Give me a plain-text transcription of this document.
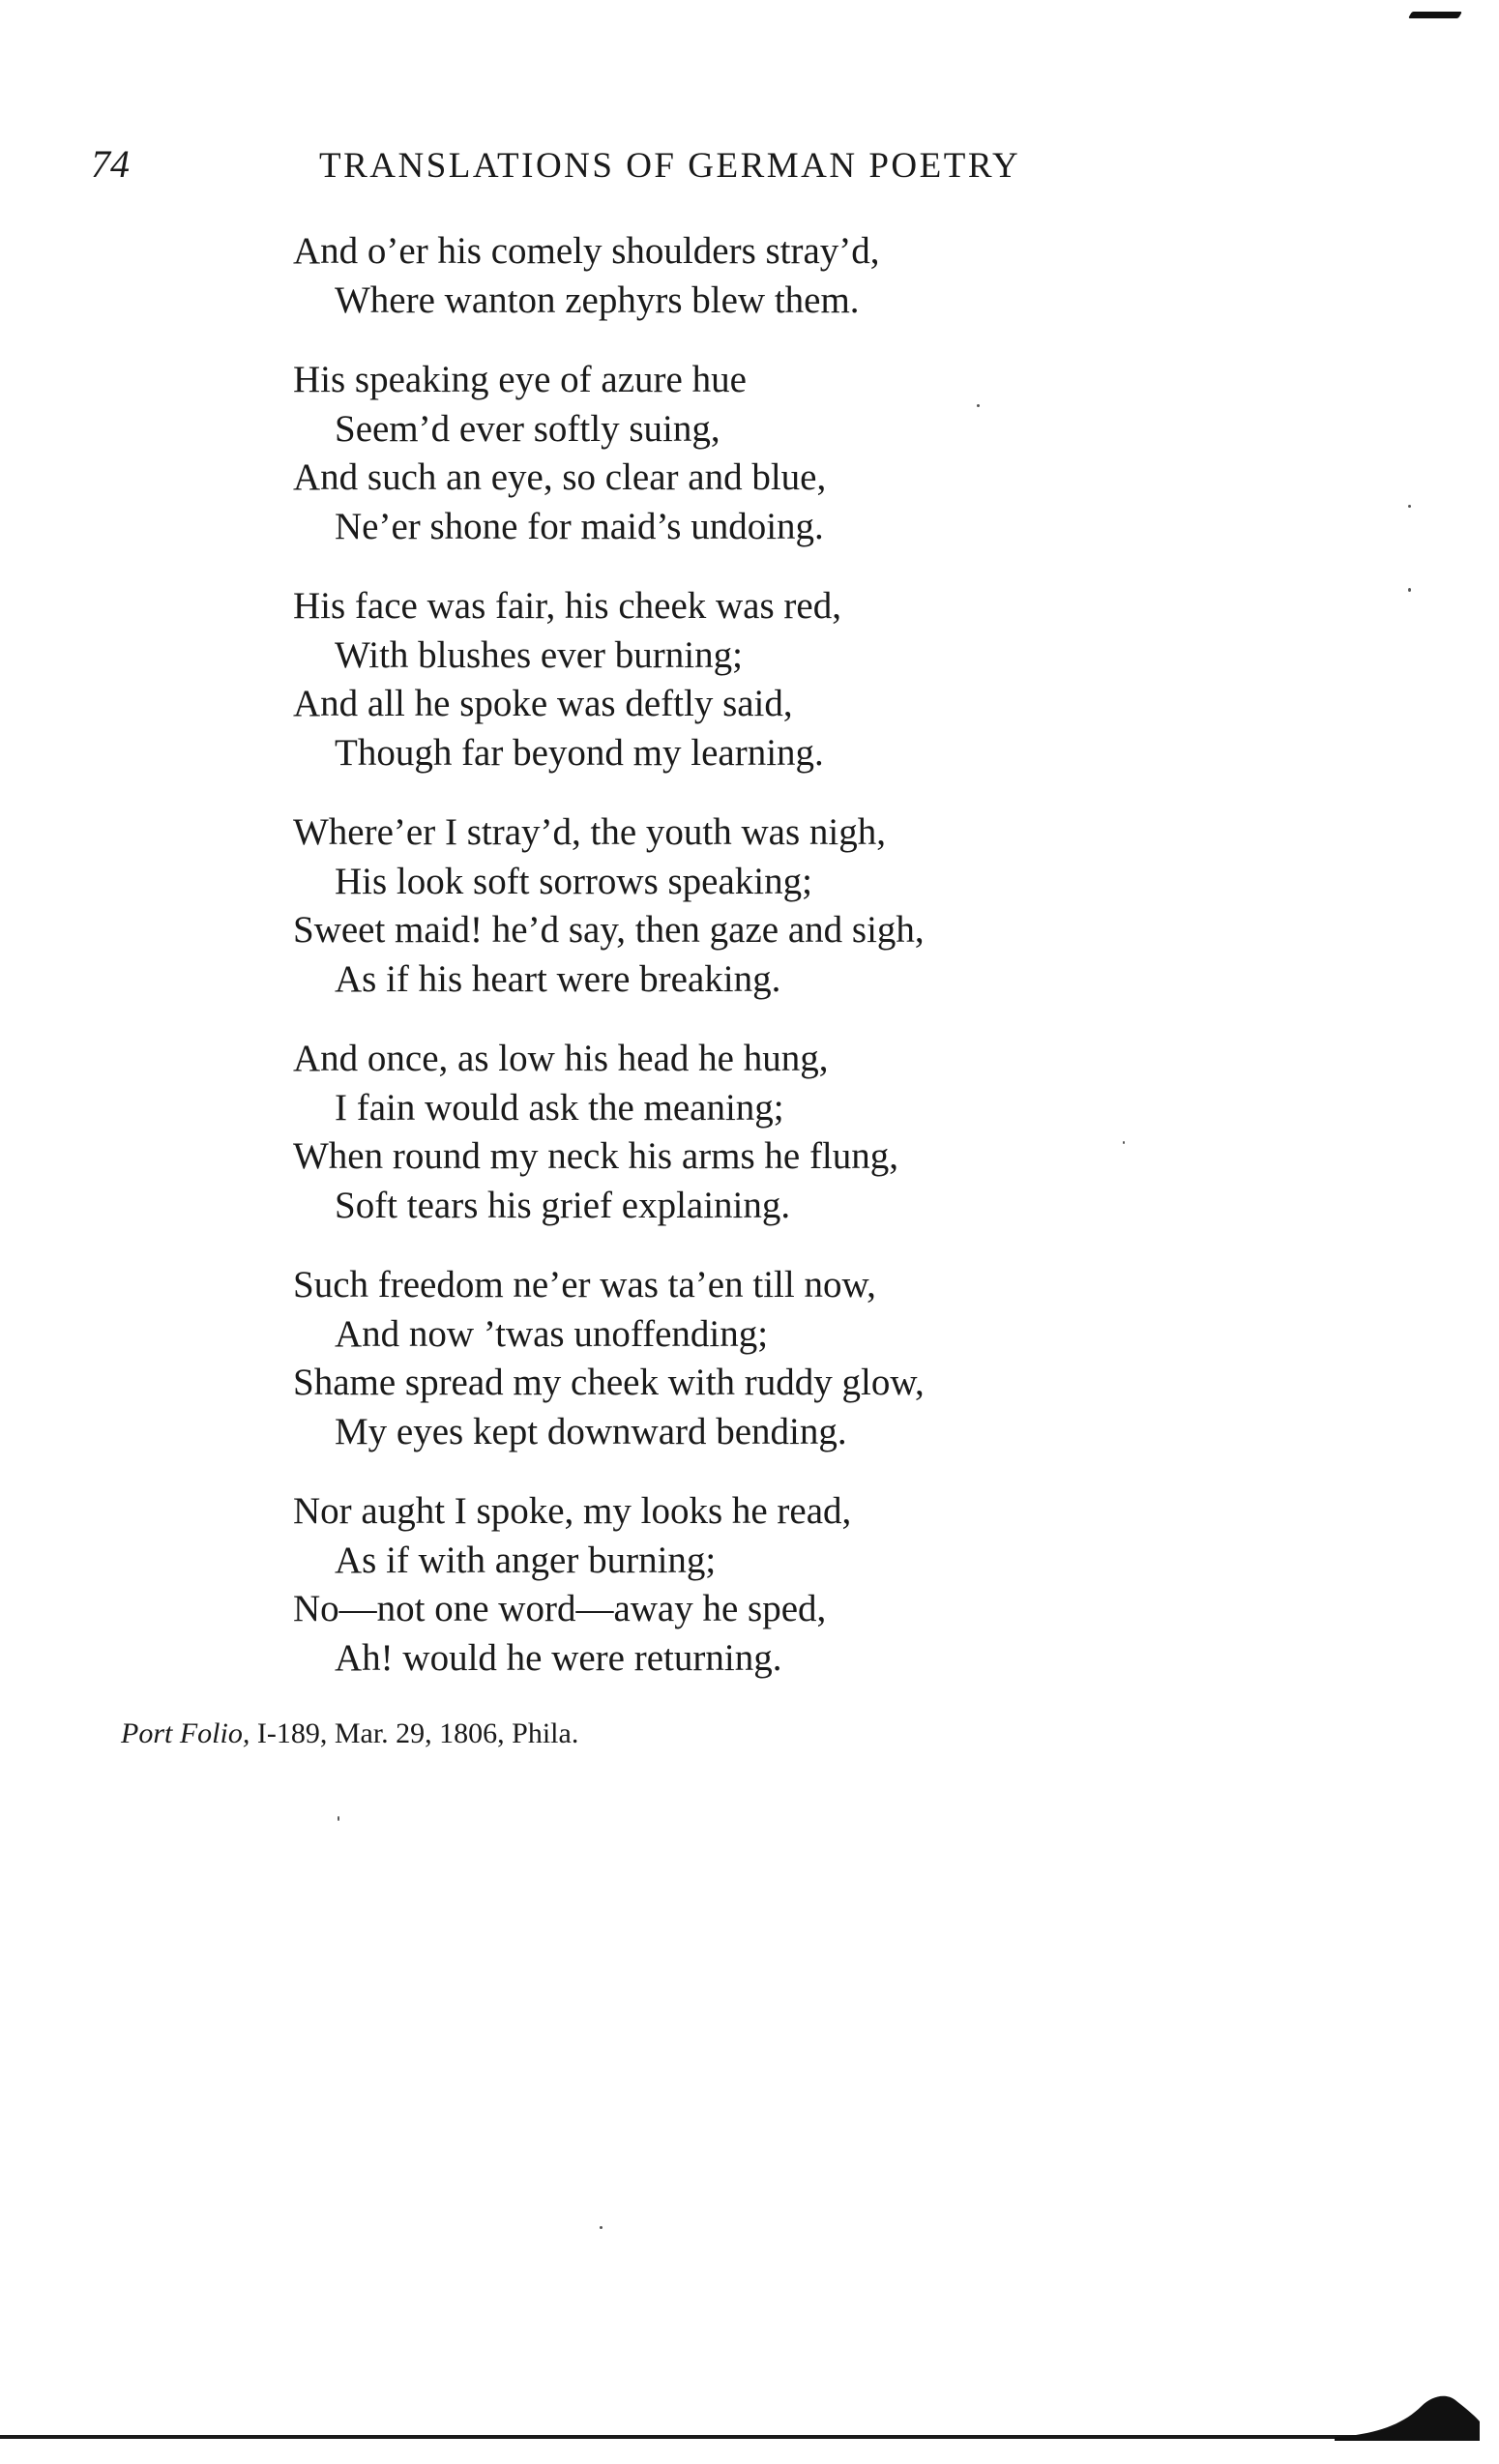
74	TRANSLATIONS OF GERMAN POETRY
And o’er his comely shoulders stray’d,
Where wanton zephyrs blew them.
His speaking eye of azure hue
Seem’d ever softly suing,
And such an eye, so clear and blue,
Ne’er shone for maid’s undoing.
His face was fair, his cheek was red,
With blushes ever burning;
And all he spoke was deftly said,
Though far beyond my learning.
Where’er I stray’d, the youth was nigh,
His look soft sorrows speaking;
Sweet maid! he’d say, then gaze and sigh,
As if his heart were breaking.
And once, as low his head he hung,
I fain would ask the meaning;
When round my neck his arms he flung,
Soft tears his grief explaining.
Such freedom ne’er was ta’en till now,
And now ’twas unoffending;
Shame spread my cheek with ruddy glow,
My eyes kept downward bending.
Nor aught I spoke, my looks he read,
As if with anger burning;
No—not one word—away he sped,
Ah! would he were returning.
Port Folio, I-189, Mar. 29, 1806, Phila.
